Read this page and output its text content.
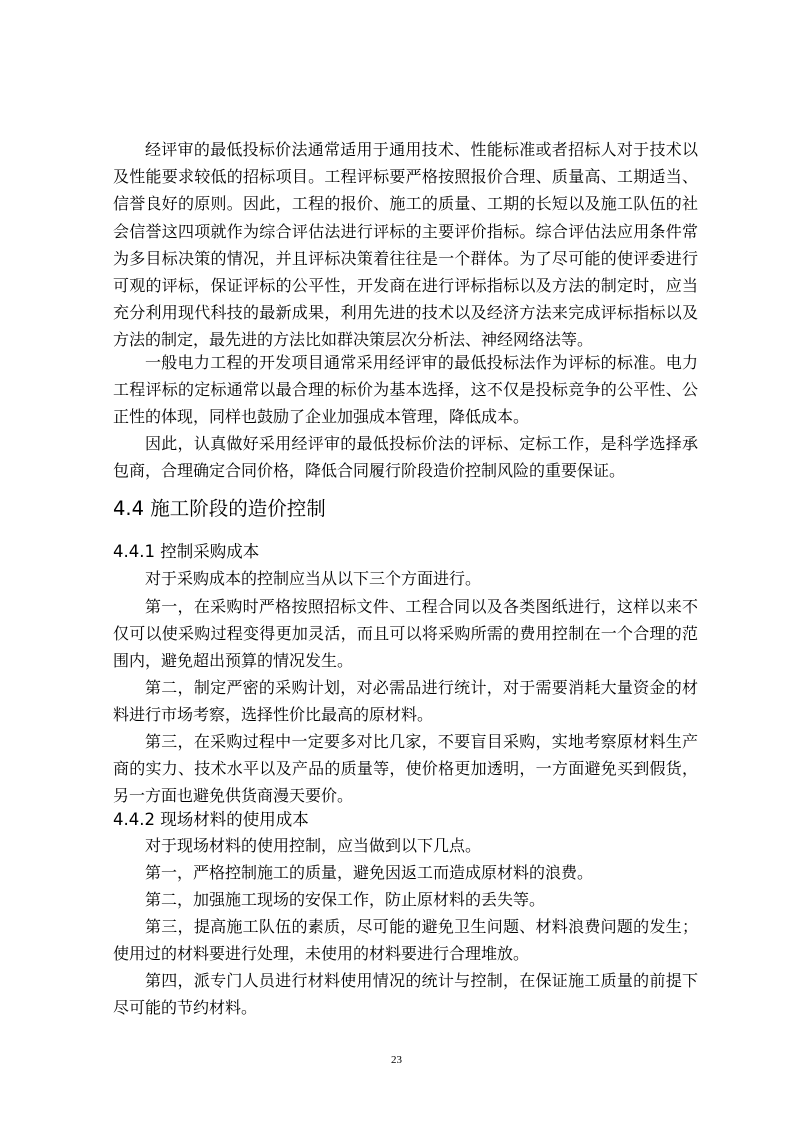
经评审的最低投标价法通常适用于通用技术、性能标准或者招标人对于技术以及性能要求较低的招标项目。工程评标要严格按照报价合理、质量高、工期适当、信誉良好的原则。因此，工程的报价、施工的质量、工期的长短以及施工队伍的社会信誉这四项就作为综合评估法进行评标的主要评价指标。综合评估法应用条件常为多目标决策的情况，并且评标决策着往往是一个群体。为了尽可能的使评委进行可观的评标，保证评标的公平性，开发商在进行评标指标以及方法的制定时，应当充分利用现代科技的最新成果，利用先进的技术以及经济方法来完成评标指标以及方法的制定，最先进的方法比如群决策层次分析法、神经网络法等。

一般电力工程的开发项目通常采用经评审的最低投标法作为评标的标准。电力工程评标的定标通常以最合理的标价为基本选择，这不仅是投标竞争的公平性、公正性的体现，同样也鼓励了企业加强成本管理，降低成本。

因此，认真做好采用经评审的最低投标价法的评标、定标工作，是科学选择承包商，合理确定合同价格，降低合同履行阶段造价控制风险的重要保证。

4.4 施工阶段的造价控制
4.4.1 控制采购成本

对于采购成本的控制应当从以下三个方面进行。

第一，在采购时严格按照招标文件、工程合同以及各类图纸进行，这样以来不仅可以使采购过程变得更加灵活，而且可以将采购所需的费用控制在一个合理的范围内，避免超出预算的情况发生。

第二，制定严密的采购计划，对必需品进行统计，对于需要消耗大量资金的材料进行市场考察，选择性价比最高的原材料。

第三，在采购过程中一定要多对比几家，不要盲目采购，实地考察原材料生产商的实力、技术水平以及产品的质量等，使价格更加透明，一方面避免买到假货，另一方面也避免供货商漫天要价。

4.4.2 现场材料的使用成本

对于现场材料的使用控制，应当做到以下几点。

第一，严格控制施工的质量，避免因返工而造成原材料的浪费。

第二，加强施工现场的安保工作，防止原材料的丢失等。

第三，提高施工队伍的素质，尽可能的避免卫生问题、材料浪费问题的发生；使用过的材料要进行处理，未使用的材料要进行合理堆放。

第四，派专门人员进行材料使用情况的统计与控制，在保证施工质量的前提下尽可能的节约材料。

23
